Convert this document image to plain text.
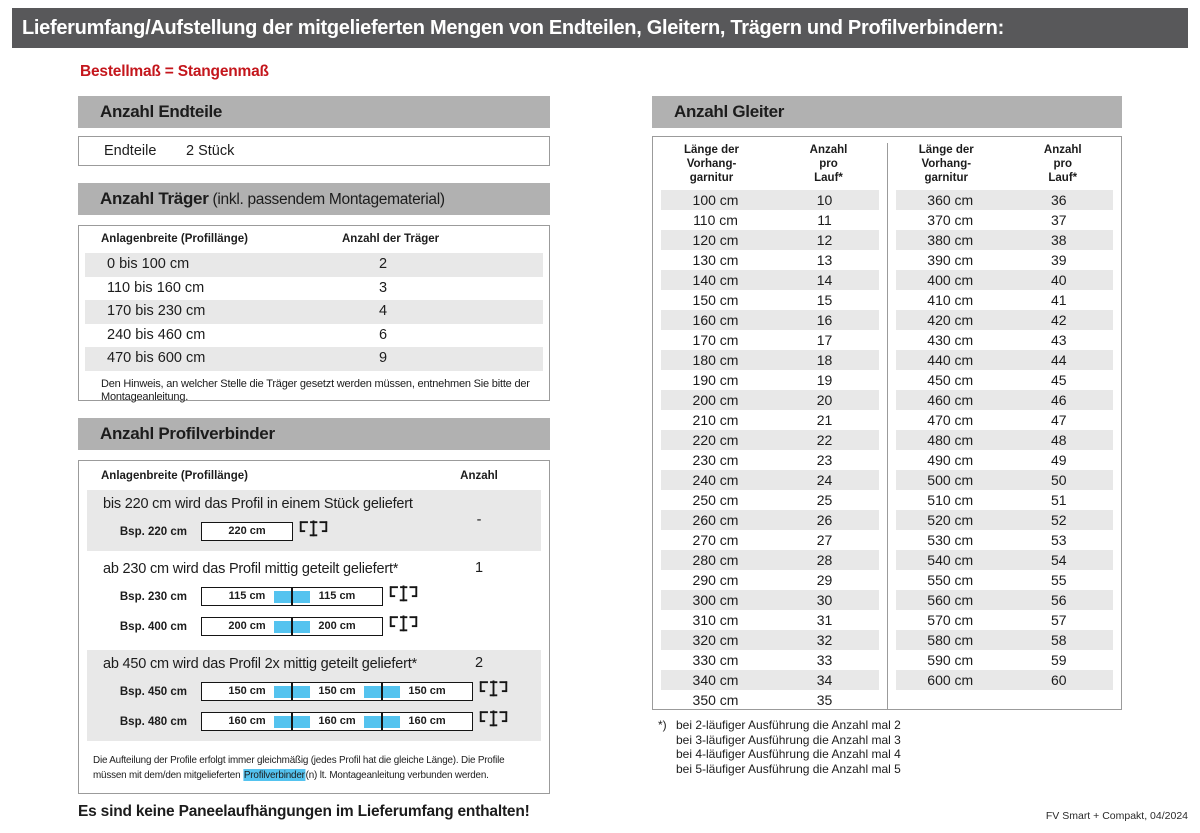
Lieferumfang/Aufstellung der mitgelieferten Mengen von Endteilen, Gleitern, Trägern und Profilverbindern:
Bestellmaß = Stangenmaß
Anzahl Endteile
Endteile	2 Stück
Anzahl Träger (inkl. passendem Montagematerial)
Anlagenbreite (Profillänge)	Anzahl der Träger
0 bis 100 cm	2
110 bis 160 cm	3
170 bis 230 cm	4
240 bis 460 cm	6
470 bis 600 cm	9
Den Hinweis, an welcher Stelle die Träger gesetzt werden müssen, entnehmen Sie bitte der Montageanleitung.
Anzahl Profilverbinder
Anlagenbreite (Profillänge)	Anzahl
bis 220 cm wird das Profil in einem Stück geliefert
-
Bsp. 220 cm	220 cm
ab 230 cm wird das Profil mittig geteilt geliefert*	1
Bsp. 230 cm	115 cm	115 cm
Bsp. 400 cm	200 cm	200 cm
ab 450 cm wird das Profil 2x mittig geteilt geliefert*	2
Bsp. 450 cm	150 cm	150 cm	150 cm
Bsp. 480 cm	160 cm	160 cm	160 cm

Die Aufteilung der Profile erfolgt immer gleichmäßig (jedes Profil hat die gleiche Länge). Die Profile
müssen mit dem/den mitgelieferten Profilverbinder(n) lt. Montageanleitung verbunden werden.

Es sind keine Paneelaufhängungen im Lieferumfang enthalten!
Anzahl Gleiter
Länge der
Vorhang-
garnitur
Anzahl
pro
Lauf*
100 cm	10
110 cm	11
120 cm	12
130 cm	13
140 cm	14
150 cm	15
160 cm	16
170 cm	17
180 cm	18
190 cm	19
200 cm	20
210 cm	21
220 cm	22
230 cm	23
240 cm	24
250 cm	25
260 cm	26
270 cm	27
280 cm	28
290 cm	29
300 cm	30
310 cm	31
320 cm	32
330 cm	33
340 cm	34
350 cm	35
Länge der
Vorhang-
garnitur
Anzahl
pro
Lauf*
360 cm	36
370 cm	37
380 cm	38
390 cm	39
400 cm	40
410 cm	41
420 cm	42
430 cm	43
440 cm	44
450 cm	45
460 cm	46
470 cm	47
480 cm	48
490 cm	49
500 cm	50
510 cm	51
520 cm	52
530 cm	53
540 cm	54
550 cm	55
560 cm	56
570 cm	57
580 cm	58
590 cm	59
600 cm	60
*) bei 2-läufiger Ausführung die Anzahl mal 2
bei 3-läufiger Ausführung die Anzahl mal 3
bei 4-läufiger Ausführung die Anzahl mal 4
bei 5-läufiger Ausführung die Anzahl mal 5
FV Smart + Compakt, 04/2024
